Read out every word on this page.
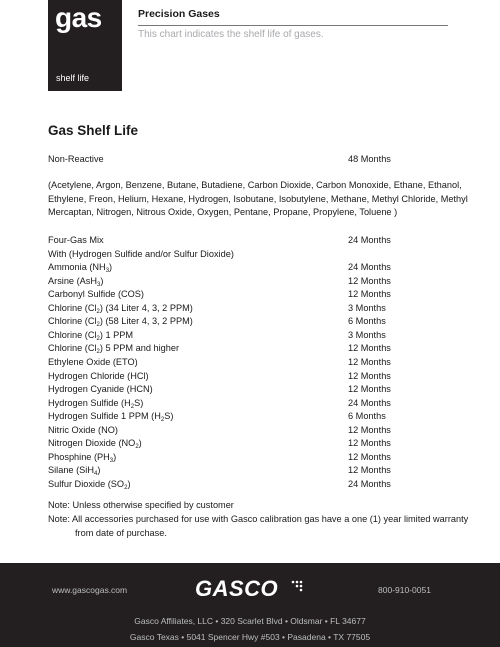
gas
shelf life
Precision Gases
This chart indicates the shelf life of gases.
Gas Shelf Life
Non-Reactive	48 Months
(Acetylene, Argon, Benzene, Butane, Butadiene, Carbon Dioxide, Carbon Monoxide, Ethane, Ethanol, Ethylene, Freon, Helium, Hexane, Hydrogen, Isobutane, Isobutylene, Methane, Methyl Chloride, Methyl Mercaptan, Nitrogen, Nitrous Oxide, Oxygen, Pentane, Propane, Propylene, Toluene )
Four-Gas Mix	24 Months
With (Hydrogen Sulfide and/or Sulfur Dioxide)
Ammonia $(NH_3)$	24 Months
Arsine (AsH$_3$)	12 Months
Carbonyl Sulfide (COS)	12 Months
Chlorine $(Cl_2)$ (34 Liter 4, 3, 2 PPM)	3 Months
Chlorine $(Cl_2)$ (58 Liter 4, 3, 2 PPM)	6 Months
Chlorine $(Cl_2)$ 1 PPM	3 Months
Chlorine $(Cl_2)$ 5 PPM and higher	12 Months
Ethylene Oxide (ETO)	12 Months
Hydrogen Chloride (HCl)	12 Months
Hydrogen Cyanide (HCN)	12 Months
Hydrogen Sulfide $(H_2S)$	24 Months
Hydrogen Sulfide 1 PPM $(H_2S)$	6 Months
Nitric Oxide (NO)	12 Months
Nitrogen Dioxide $(NO_2)$	12 Months
Phosphine $(PH_3)$	12 Months
Silane (SiH$_4$)	12 Months
Sulfur Dioxide $(SO_2)$	24 Months
Note: Unless otherwise specified by customer
Note: All accessories purchased for use with Gasco calibration gas have a one (1) year limited warranty
from date of purchase.
www.gascogas.com	GASCO	800-910-0051
Gasco Affiliates, LLC • 320 Scarlet Blvd • Oldsmar • FL 34677
Gasco Texas • 5041 Spencer Hwy #503 • Pasadena • TX 77505
